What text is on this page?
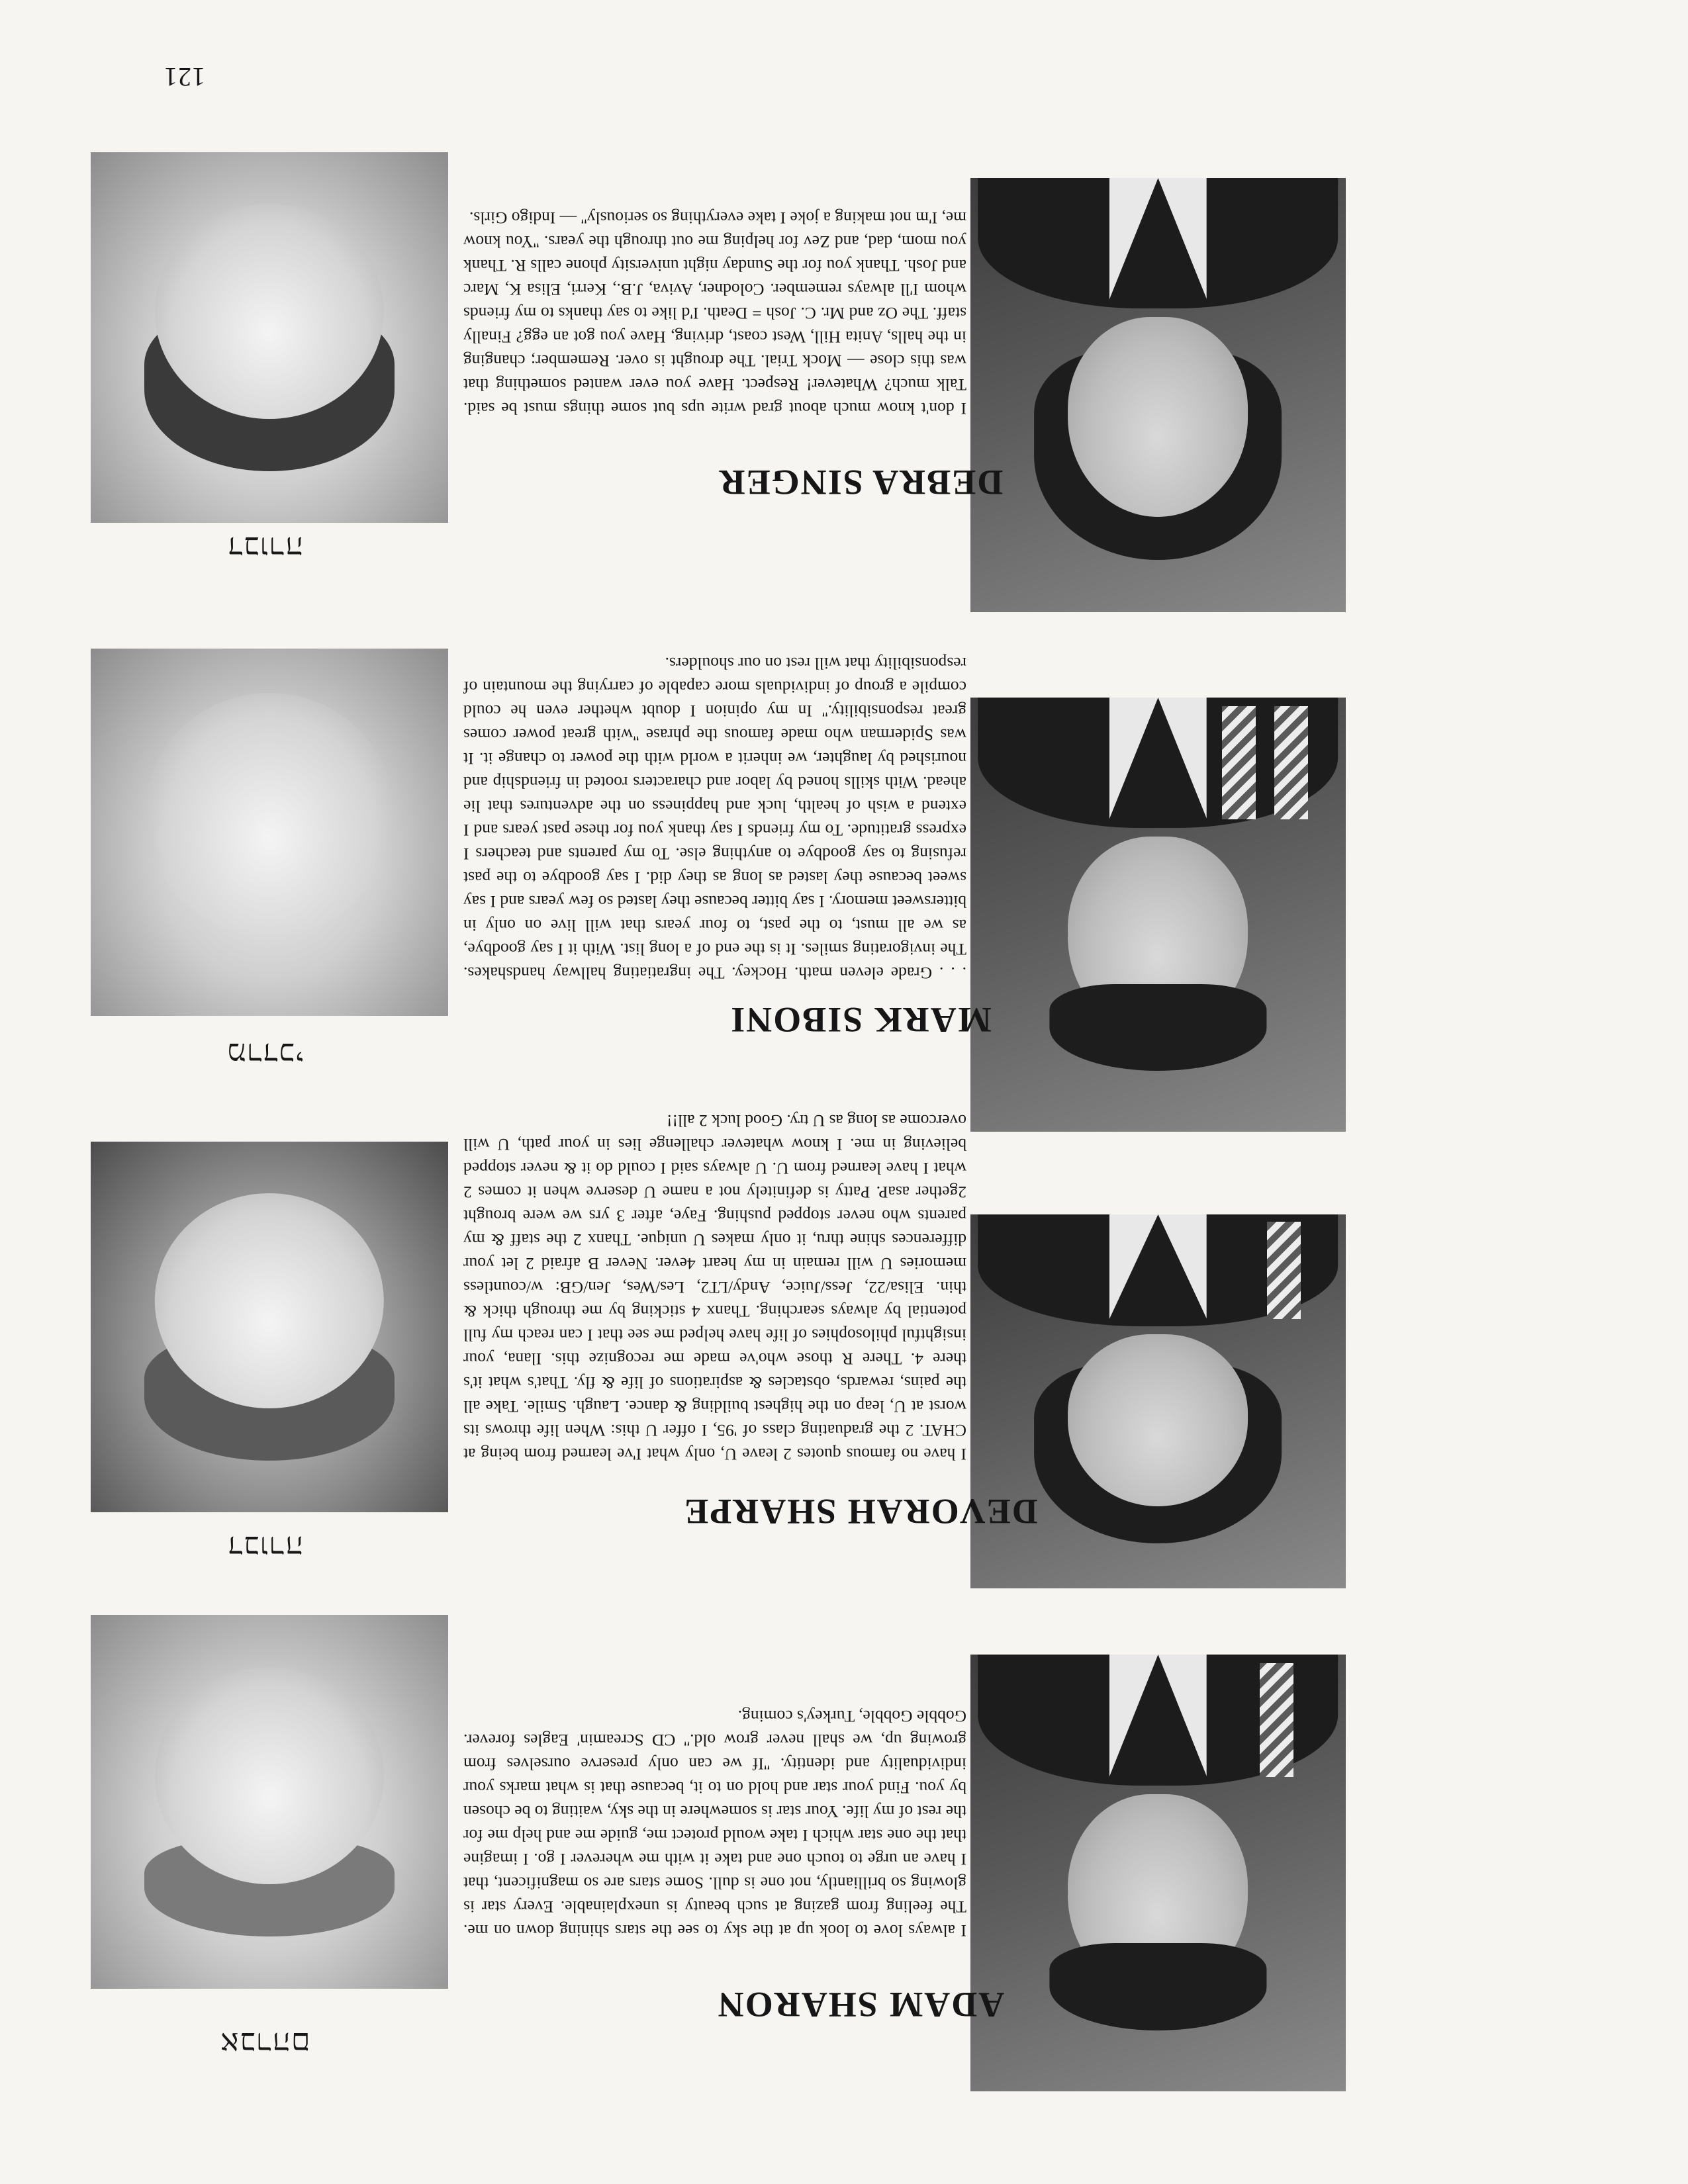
121
DEBRA SINGER
I don't know much about grad write ups but some things must be said. Talk much? Whatever! Respect. Have you ever wanted something that was this close — Mock Trial. The drought is over. Remember; changing in the halls, Anita Hill, West coast, driving, Have you got an egg? Finally staff. The Oz and Mr. C. Josh = Death. I'd like to say thanks to my friends whom I'll always remember. Colodner, Aviva, J.B., Kerri, Elisa K, Marc and Josh. Thank you for the Sunday night university phone calls R. Thank you mom, dad, and Zev for helping me out through the years. ''You know me, I'm not making a joke I take everything so seriously'' — Indigo Girls.
דבורה
MARK SIBONI
. . . Grade eleven math. Hockey. The ingratiating hallway handshakes. The invigorating smiles. It is the end of a long list. With it I say goodbye, as we all must, to the past, to four years that will live on only in bittersweet memory. I say bitter because they lasted so few years and I say sweet because they lasted as long as they did. I say goodbye to the past refusing to say goodbye to anything else. To my parents and teachers I express gratitude. To my friends I say thank you for these past years and I extend a wish of health, luck and happiness on the adventures that lie ahead. With skills honed by labor and characters rooted in friendship and nourished by laughter, we inherit a world with the power to change it. It was Spiderman who made famous the phrase ''with great power comes great responsibility.'' In my opinion I doubt whether even he could compile a group of individuals more capable of carrying the mountain of responsibility that will rest on our shoulders.
מרדכי
DEVORAH SHARPE
I have no famous quotes 2 leave U, only what I've learned from being at CHAT. 2 the graduating class of '95, I offer U this: When life throws its worst at U, leap on the highest building & dance. Laugh. Smile. Take all the pains, rewards, obstacles & aspirations of life & fly. That's what it's there 4. There R those who've made me recognize this. Ilana, your insightful philosophies of life have helped me see that I can reach my full potential by always searching. Thanx 4 sticking by me through thick & thin. Elisa/22, Jess/Juice, Andy/LT2, Les/Wes, Jen/GB: w/countless memories U will remain in my heart 4ever. Never B afraid 2 let your differences shine thru, it only makes U unique. Thanx 2 the staff & my parents who never stopped pushing. Faye, after 3 yrs we were brought 2gether asaP. Patty is definitely not a name U deserve when it comes 2 what I have learned from U. U always said I could do it & never stopped believing in me. I know whatever challenge lies in your path, U will overcome as long as U try. Good luck 2 all!!
דבורה
ADAM SHARON
I always love to look up at the sky to see the stars shining down on me. The feeling from gazing at such beauty is unexplainable. Every star is glowing so brilliantly, not one is dull. Some stars are so magnificent, that I have an urge to touch one and take it with me wherever I go. I imagine that the one star which I take would protect me, guide me and help me for the rest of my life. Your star is somewhere in the sky, waiting to be chosen by you. Find your star and hold on to it, because that is what marks your individuality and identity. ''If we can only preserve ourselves from growing up, we shall never grow old.'' CD Screamin' Eagles forever. Gobble Gobble, Turkey's coming.
אברהם
